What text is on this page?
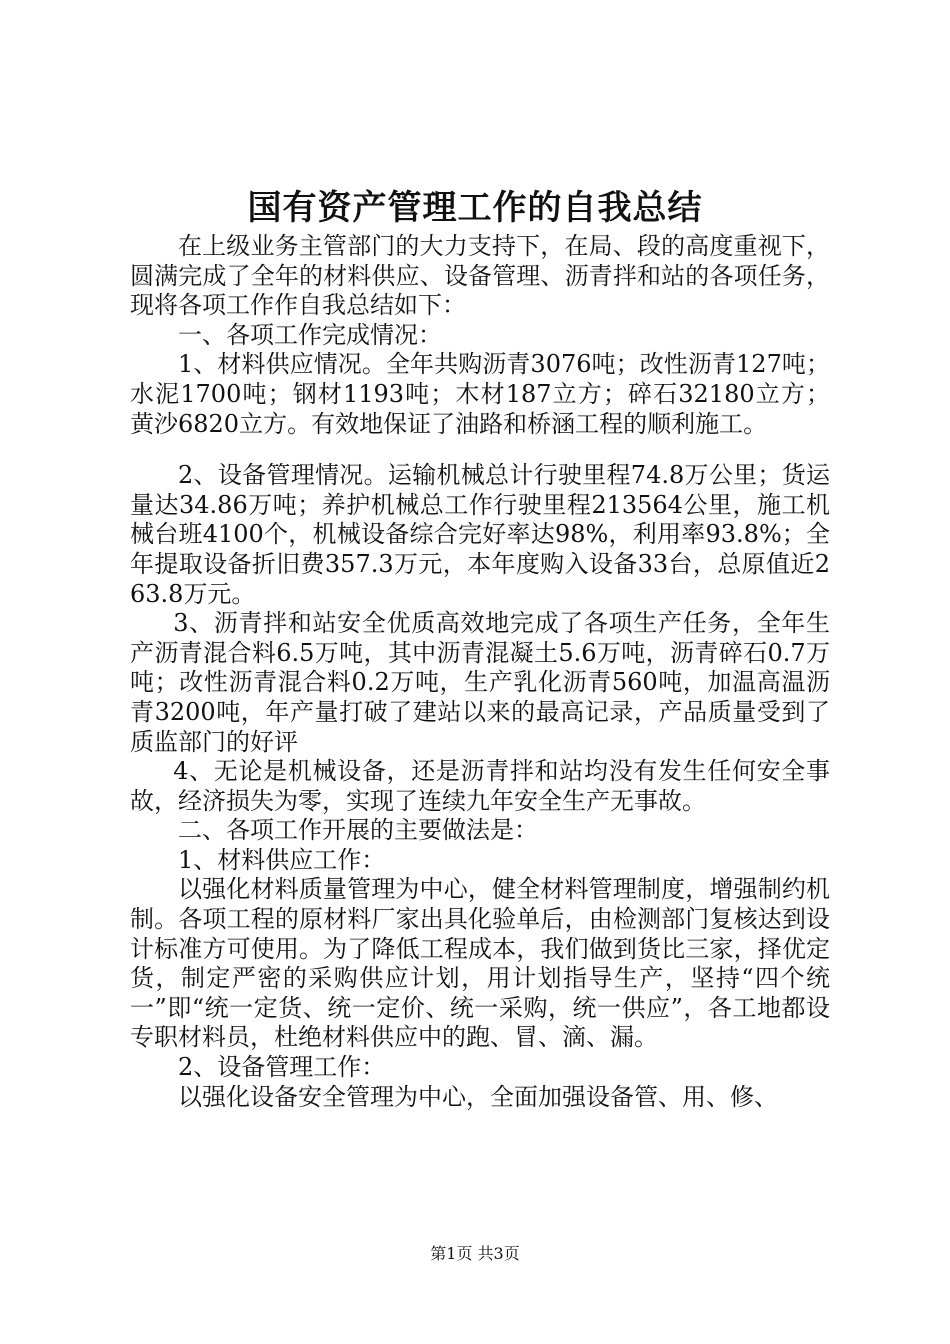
国有资产管理工作的自我总结

在上级业务主管部门的大力支持下，在局、段的高度重视下，圆满完成了全年的材料供应、设备管理、沥青拌和站的各项任务，现将各项工作作自我总结如下：

一、各项工作完成情况：

1、材料供应情况。全年共购沥青3076吨；改性沥青127吨；水泥1700吨；钢材1193吨；木材187立方；碎石32180立方；黄沙6820立方。有效地保证了油路和桥涵工程的顺利施工。

2、设备管理情况。运输机械总计行驶里程74.8万公里；货运量达34.86万吨；养护机械总工作行驶里程213564公里，施工机械台班4100个，机械设备综合完好率达98%，利用率93.8%；全年提取设备折旧费357.3万元，本年度购入设备33台，总原值近263.8万元。

3、沥青拌和站安全优质高效地完成了各项生产任务，全年生产沥青混合料6.5万吨，其中沥青混凝土5.6万吨，沥青碎石0.7万吨；改性沥青混合料0.2万吨，生产乳化沥青560吨，加温高温沥青3200吨，年产量打破了建站以来的最高记录，产品质量受到了质监部门的好评

4、无论是机械设备，还是沥青拌和站均没有发生任何安全事故，经济损失为零，实现了连续九年安全生产无事故。

二、各项工作开展的主要做法是：

1、材料供应工作：

以强化材料质量管理为中心，健全材料管理制度，增强制约机制。各项工程的原材料厂家出具化验单后，由检测部门复核达到设计标准方可使用。为了降低工程成本，我们做到货比三家，择优定货，制定严密的采购供应计划，用计划指导生产，坚持“四个统一”即“统一定货、统一定价、统一采购，统一供应”，各工地都设专职材料员，杜绝材料供应中的跑、冒、滴、漏。

2、设备管理工作：

以强化设备安全管理为中心，全面加强设备管、用、修、

第1页 共3页
